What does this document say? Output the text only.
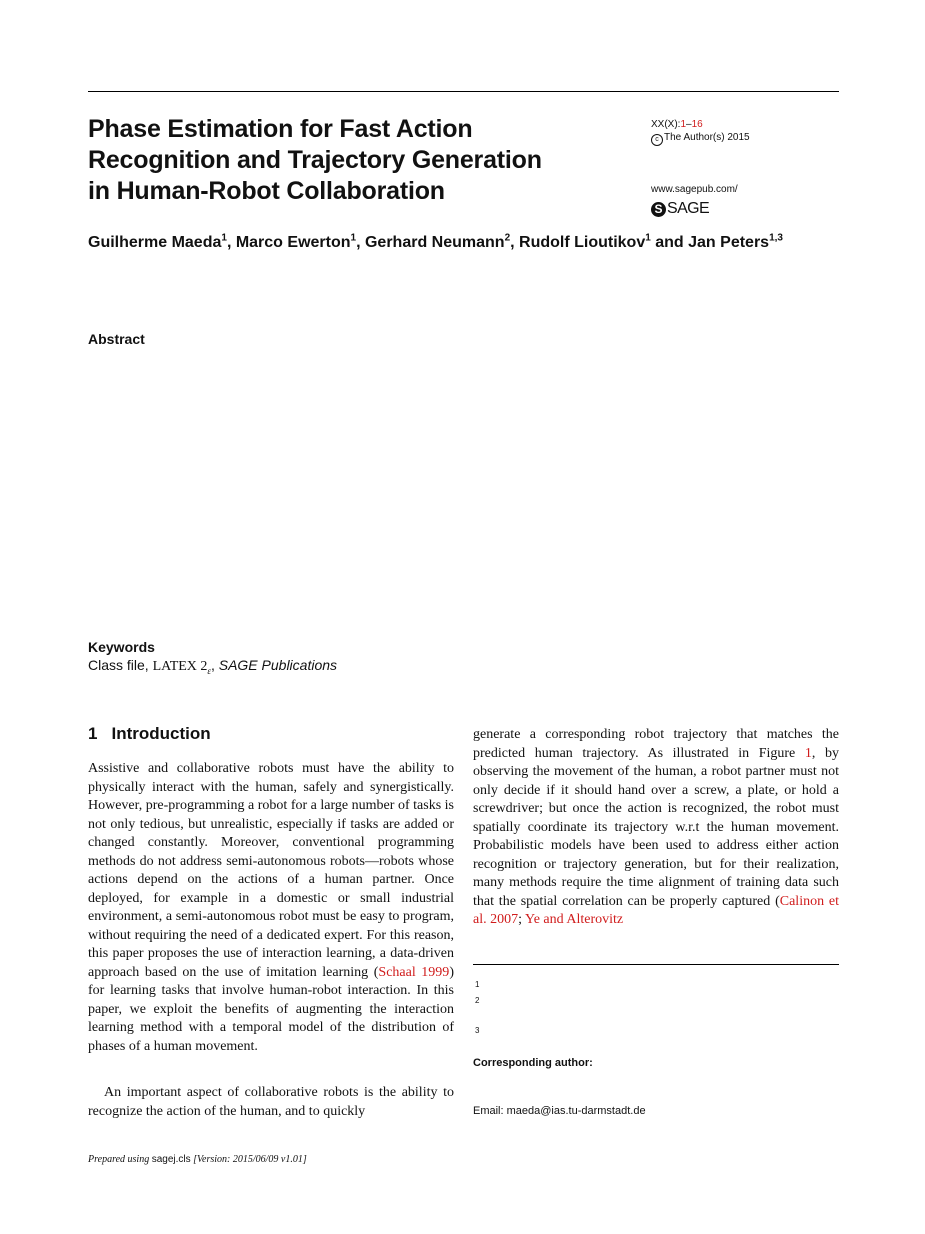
Phase Estimation for Fast Action
Recognition and Trajectory Generation
in Human-Robot Collaboration
XX(X):1–16
c The Author(s) 2015
www.sagepub.com/
S SAGE
Guilherme Maeda$^1$, Marco Ewerton$^1$, Gerhard Neumann$^2$, Rudolf Lioutikov$^1$ and Jan Peters$^{1,3}$
Abstract
Keywords
Class file, LATEX $2_\varepsilon$, SAGE Publications
1 Introduction
Assistive and collaborative robots must have the ability to physically interact with the human, safely and synergistically. However, pre-programming a robot for a large number of tasks is not only tedious, but unrealistic, especially if tasks are added or changed constantly. Moreover, conventional programming methods do not address semi-autonomous robots—robots whose actions depend on the actions of a human partner. Once deployed, for example in a domestic or small industrial environment, a semi-autonomous robot must be easy to program, without requiring the need of a dedicated expert. For this reason, this paper proposes the use of interaction learning, a data-driven approach based on the use of imitation learning (Schaal 1999) for learning tasks that involve human-robot interaction. In this paper, we exploit the benefits of augmenting the interaction learning method with a temporal model of the distribution of phases of a human movement.
An important aspect of collaborative robots is the ability to recognize the action of the human, and to quickly
generate a corresponding robot trajectory that matches the predicted human trajectory. As illustrated in Figure 1, by observing the movement of the human, a robot partner must not only decide if it should hand over a screw, a plate, or hold a screwdriver; but once the action is recognized, the robot must spatially coordinate its trajectory w.r.t the human movement. Probabilistic models have been used to address either action recognition or trajectory generation, but for their realization, many methods require the time alignment of training data such that the spatial correlation can be properly captured (Calinon et al. 2007; Ye and Alterovitz
1
2
3
Corresponding author:
Email: maeda@ias.tu-darmstadt.de
Prepared using sagej.cls [Version: 2015/06/09 v1.01]
